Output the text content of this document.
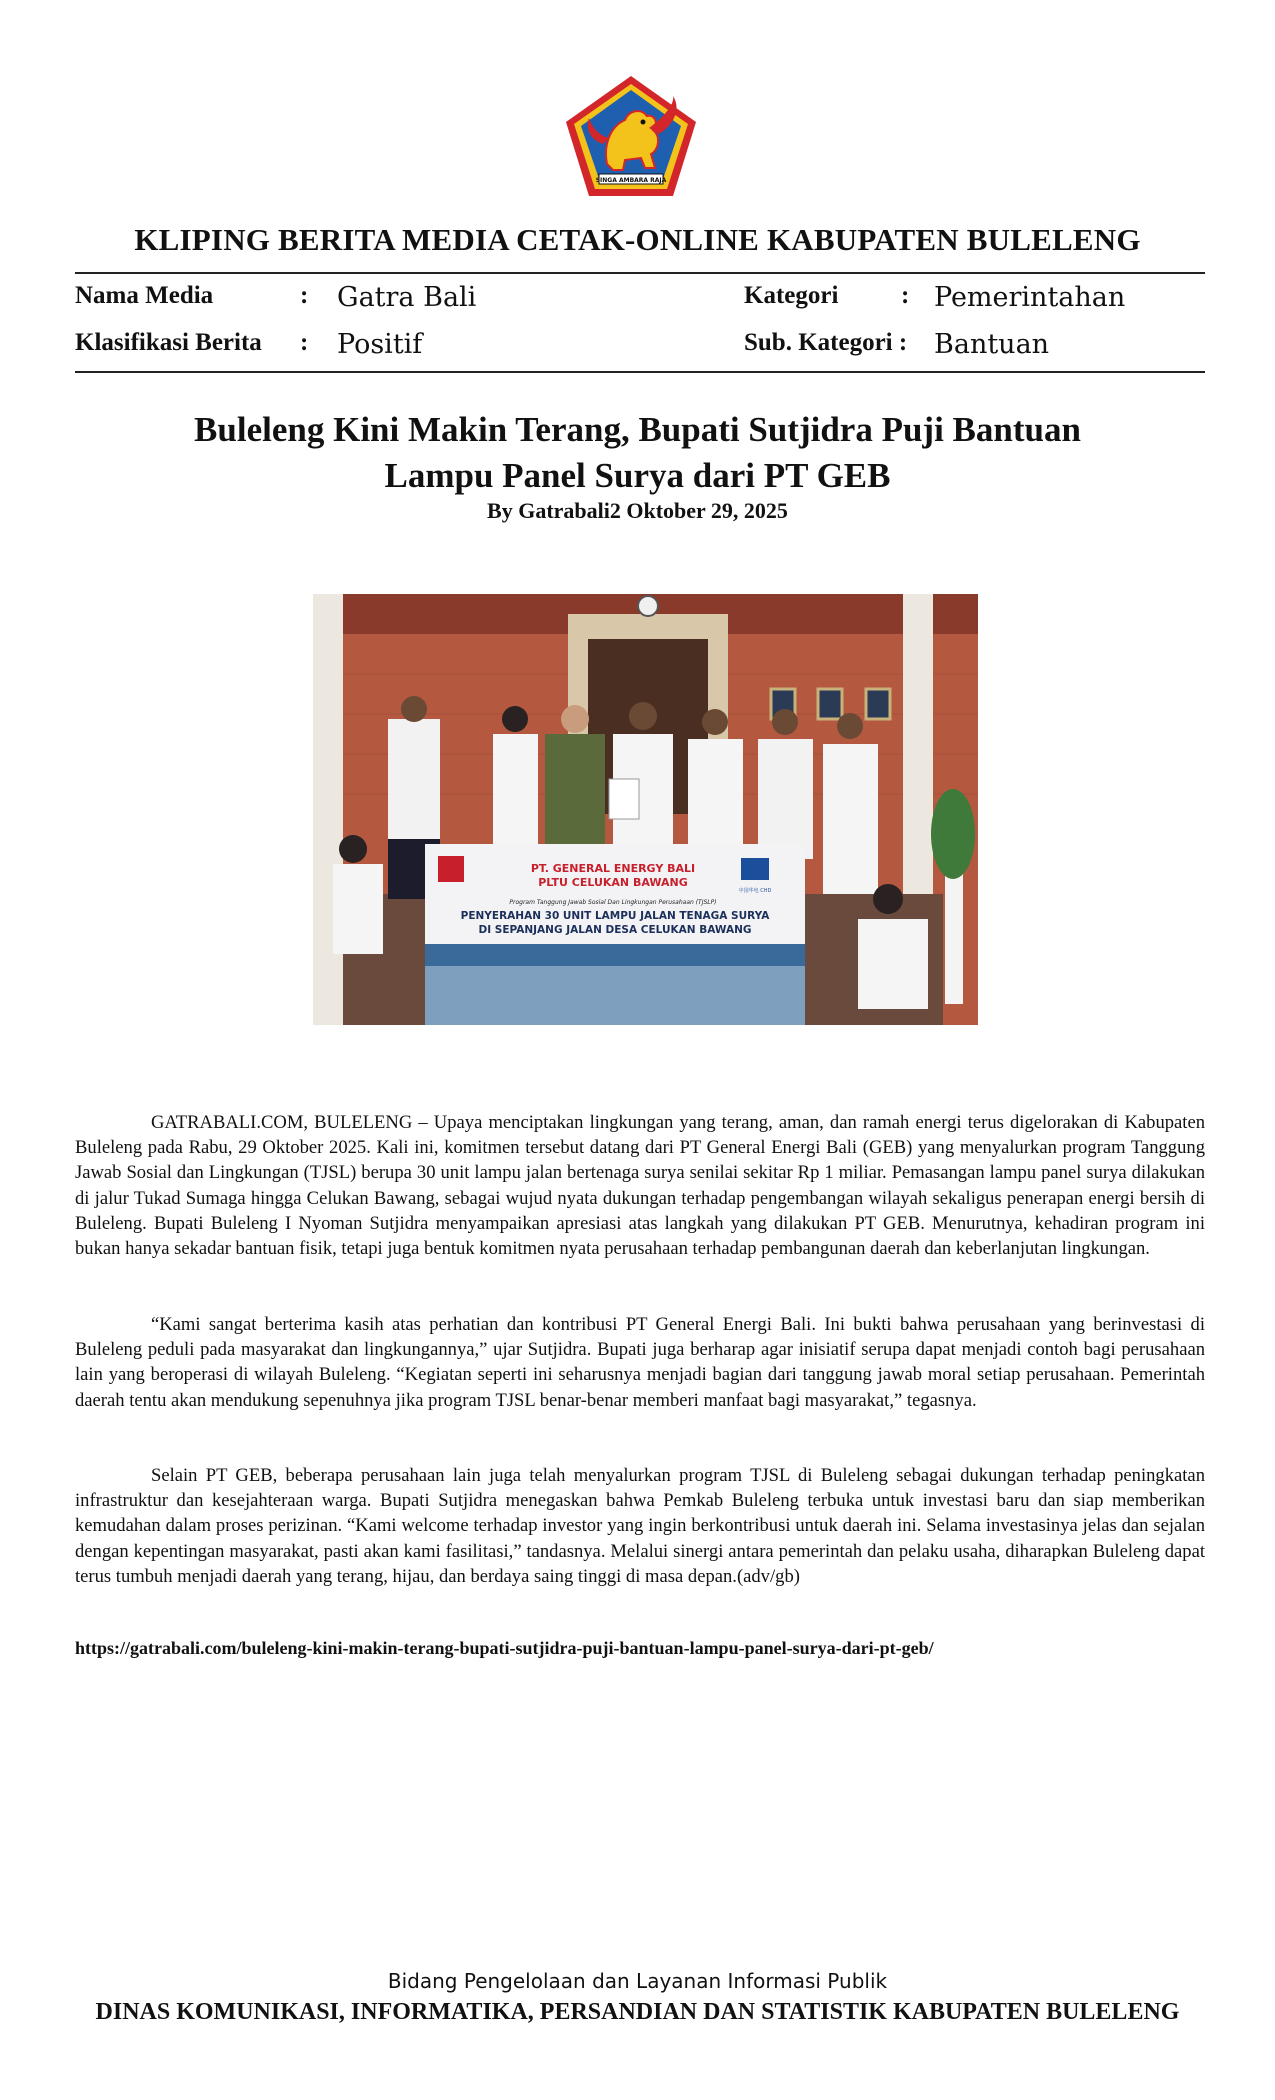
SINGA AMBARA RAJA
KLIPING BERITA MEDIA CETAK-ONLINE KABUPATEN BULELENG
Nama Media	: Gatra Bali
Klasifikasi Berita : Positif
Kategori	: Pemerintahan
Sub. Kategori : Bantuan
Buleleng Kini Makin Terang, Bupati Sutjidra Puji Bantuan
Lampu Panel Surya dari PT GEB
By Gatrabali2 Oktober 29, 2025
PT. GENERAL ENERGY BALI
PLTU CELUKAN BAWANG
中国华电 CHD
Program Tanggung Jawab Sosial Dan Lingkungan Perusahaan (TJSLP)
PENYERAHAN 30 UNIT LAMPU JALAN TENAGA SURYA
DI SEPANJANG JALAN DESA CELUKAN BAWANG

GATRABALI.COM, BULELENG – Upaya menciptakan lingkungan yang terang, aman, dan ramah energi terus digelorakan di Kabupaten Buleleng pada Rabu, 29 Oktober 2025. Kali ini, komitmen tersebut datang dari PT General Energi Bali (GEB) yang menyalurkan program Tanggung Jawab Sosial dan Lingkungan (TJSL) berupa 30 unit lampu jalan bertenaga surya senilai sekitar Rp 1 miliar. Pemasangan lampu panel surya dilakukan di jalur Tukad Sumaga hingga Celukan Bawang, sebagai wujud nyata dukungan terhadap pengembangan wilayah sekaligus penerapan energi bersih di Buleleng. Bupati Buleleng I Nyoman Sutjidra menyampaikan apresiasi atas langkah yang dilakukan PT GEB. Menurutnya, kehadiran program ini bukan hanya sekadar bantuan fisik, tetapi juga bentuk komitmen nyata perusahaan terhadap pembangunan daerah dan keberlanjutan lingkungan.

“Kami sangat berterima kasih atas perhatian dan kontribusi PT General Energi Bali. Ini bukti bahwa perusahaan yang berinvestasi di Buleleng peduli pada masyarakat dan lingkungannya,” ujar Sutjidra. Bupati juga berharap agar inisiatif serupa dapat menjadi contoh bagi perusahaan lain yang beroperasi di wilayah Buleleng. “Kegiatan seperti ini seharusnya menjadi bagian dari tanggung jawab moral setiap perusahaan. Pemerintah daerah tentu akan mendukung sepenuhnya jika program TJSL benar-benar memberi manfaat bagi masyarakat,” tegasnya.

Selain PT GEB, beberapa perusahaan lain juga telah menyalurkan program TJSL di Buleleng sebagai dukungan terhadap peningkatan infrastruktur dan kesejahteraan warga. Bupati Sutjidra menegaskan bahwa Pemkab Buleleng terbuka untuk investasi baru dan siap memberikan kemudahan dalam proses perizinan. “Kami welcome terhadap investor yang ingin berkontribusi untuk daerah ini. Selama investasinya jelas dan sejalan dengan kepentingan masyarakat, pasti akan kami fasilitasi,” tandasnya. Melalui sinergi antara pemerintah dan pelaku usaha, diharapkan Buleleng dapat terus tumbuh menjadi daerah yang terang, hijau, dan berdaya saing tinggi di masa depan.(adv/gb)

https://gatrabali.com/buleleng-kini-makin-terang-bupati-sutjidra-puji-bantuan-lampu-panel-surya-dari-pt-geb/
Bidang Pengelolaan dan Layanan Informasi Publik
DINAS KOMUNIKASI, INFORMATIKA, PERSANDIAN DAN STATISTIK KABUPATEN BULELENG
